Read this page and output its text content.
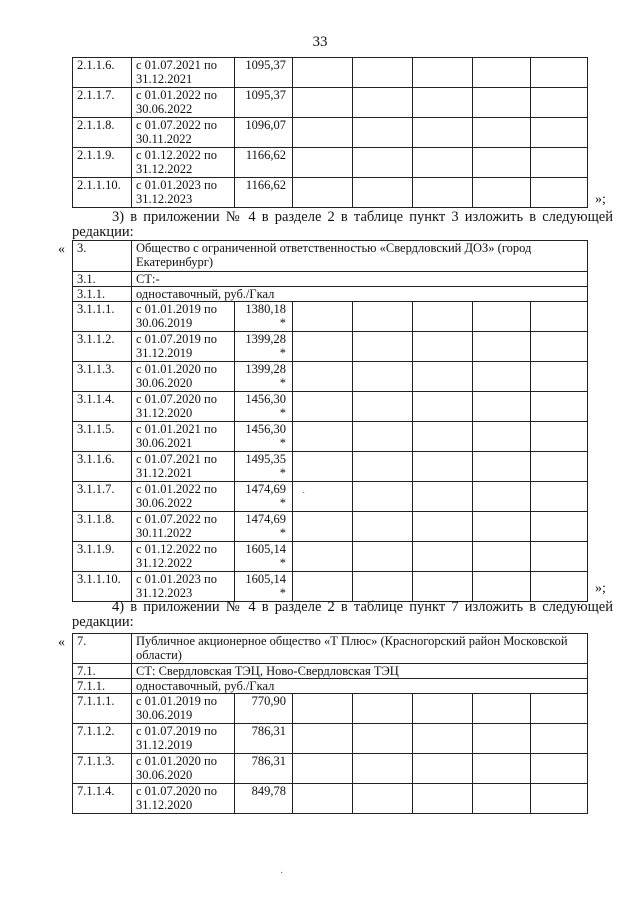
33
2.1.1.6.	с 01.07.2021 по 31.12.2021	1095,37					
2.1.1.7.	с 01.01.2022 по 30.06.2022	1095,37					
2.1.1.8.	с 01.07.2022 по 30.11.2022	1096,07					
2.1.1.9.	с 01.12.2022 по 31.12.2022	1166,62					
2.1.1.10.	с 01.01.2023 по 31.12.2023	1166,62					
»;
3) в приложении № 4 в разделе 2 в таблице пункт 3 изложить в следующей
редакции:
« 3.	Общество с ограниченной ответственностью «Свердловский ДОЗ» (город Екатеринбург)						
3.1.	СТ:-						
3.1.1.	одноставочный, руб./Гкал						
3.1.1.1.	с 01.01.2019 по 30.06.2019	1380,18 *					
3.1.1.2.	с 01.07.2019 по 31.12.2019	1399,28 *					
3.1.1.3.	с 01.01.2020 по 30.06.2020	1399,28 *					
3.1.1.4.	с 01.07.2020 по 31.12.2020	1456,30 *					
3.1.1.5.	с 01.01.2021 по 30.06.2021	1456,30 *					
3.1.1.6.	с 01.07.2021 по 31.12.2021	1495,35 *					
3.1.1.7.	с 01.01.2022 по 30.06.2022	1474,69 *					
3.1.1.8.	с 01.07.2022 по 30.11.2022	1474,69 *					
3.1.1.9.	с 01.12.2022 по 31.12.2022	1605,14 *					
3.1.1.10.	с 01.01.2023 по 31.12.2023	1605,14 *						»;
4) в приложении № 4 в разделе 2 в таблице пункт 7 изложить в следующей
редакции:
« 7.	Публичное акционерное общество «Т Плюс» (Красногорский район Московской области)						
7.1.	СТ: Свердловская ТЭЦ, Ново-Свердловская ТЭЦ						
7.1.1.	одноставочный, руб./Гкал						
7.1.1.1.	с 01.01.2019 по 30.06.2019	770,90					
7.1.1.2.	с 01.07.2019 по 31.12.2019	786,31					
7.1.1.3.	с 01.01.2020 по 30.06.2020	786,31					
7.1.1.4.	с 01.07.2020 по 31.12.2020	849,78					
·
·
